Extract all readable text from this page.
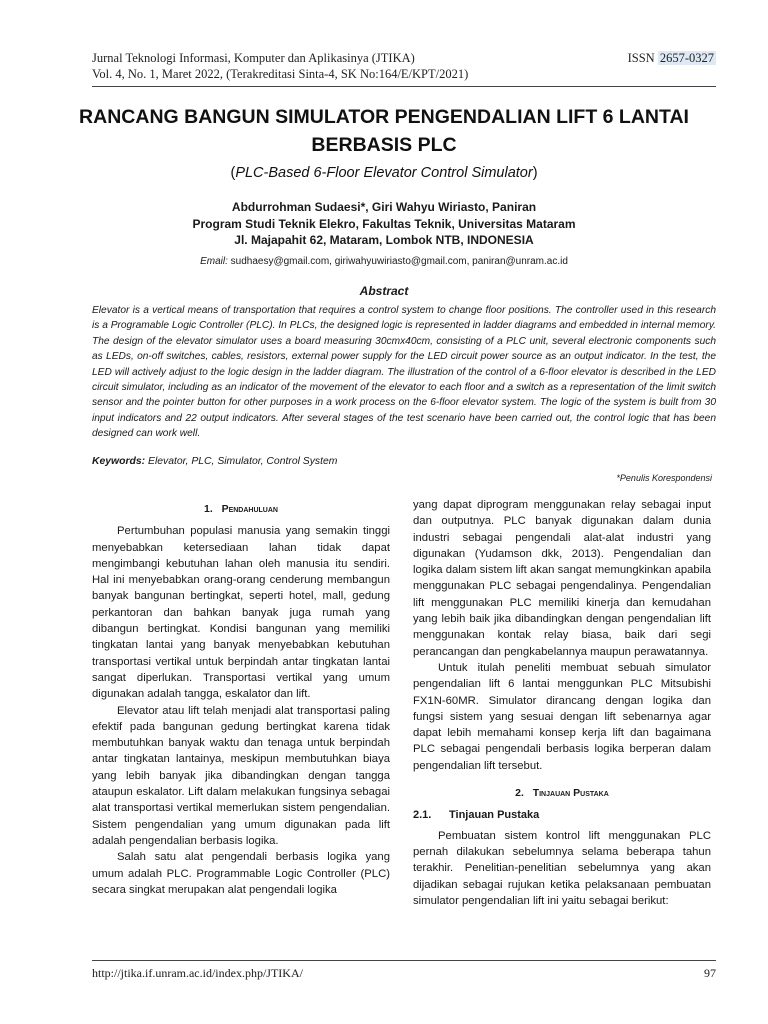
Jurnal Teknologi Informasi, Komputer dan Aplikasinya (JTIKA)	ISSN 2657-0327
Vol. 4, No. 1, Maret 2022, (Terakreditasi Sinta-4, SK No:164/E/KPT/2021)
RANCANG BANGUN SIMULATOR PENGENDALIAN LIFT 6 LANTAI BERBASIS PLC
(PLC-Based 6-Floor Elevator Control Simulator)
Abdurrohman Sudaesi*, Giri Wahyu Wiriasto, Paniran
Program Studi Teknik Elekro, Fakultas Teknik, Universitas Mataram
Jl. Majapahit 62, Mataram, Lombok NTB, INDONESIA
Email: sudhaesy@gmail.com, giriwahyuwiriasto@gmail.com, paniran@unram.ac.id
Abstract
Elevator is a vertical means of transportation that requires a control system to change floor positions. The controller used in this research is a Programable Logic Controller (PLC). In PLCs, the designed logic is represented in ladder diagrams and embedded in internal memory. The design of the elevator simulator uses a board measuring 30cmx40cm, consisting of a PLC unit, several electronic components such as LEDs, on-off switches, cables, resistors, external power supply for the LED circuit power source as an output indicator. In the test, the LED will actively adjust to the logic design in the ladder diagram. The illustration of the control of a 6-floor elevator is described in the LED circuit simulator, including as an indicator of the movement of the elevator to each floor and a switch as a representation of the limit switch sensor and the pointer button for other purposes in a work process on the 6-floor elevator system. The logic of the system is built from 30 input indicators and 22 output indicators. After several stages of the test scenario have been carried out, the control logic that has been designed can work well.
Keywords: Elevator, PLC, Simulator, Control System
*Penulis Korespondensi
1. Pendahuluan

Pertumbuhan populasi manusia yang semakin tinggi menyebabkan ketersediaan lahan tidak dapat mengimbangi kebutuhan lahan oleh manusia itu sendiri. Hal ini menyebabkan orang-orang cenderung membangun banyak bangunan bertingkat, seperti hotel, mall, gedung perkantoran dan bahkan banyak juga rumah yang dibangun bertingkat. Kondisi bangunan yang memiliki tingkatan lantai yang banyak menyebabkan kebutuhan transportasi vertikal untuk berpindah antar tingkatan lantai sangat diperlukan. Transportasi vertikal yang umum digunakan adalah tangga, eskalator dan lift.

Elevator atau lift telah menjadi alat transportasi paling efektif pada bangunan gedung bertingkat karena tidak membutuhkan banyak waktu dan tenaga untuk berpindah antar tingkatan lantainya, meskipun membutuhkan biaya yang lebih banyak jika dibandingkan dengan tangga ataupun eskalator. Lift dalam melakukan fungsinya sebagai alat transportasi vertikal memerlukan sistem pengendalian. Sistem pengendalian yang umum digunakan pada lift adalah pengendalian berbasis logika.

Salah satu alat pengendali berbasis logika yang umum adalah PLC. Programmable Logic Controller (PLC) secara singkat merupakan alat pengendali logika

yang dapat diprogram menggunakan relay sebagai input dan outputnya. PLC banyak digunakan dalam dunia industri sebagai pengendali alat-alat industri yang digunakan (Yudamson dkk, 2013). Pengendalian dan logika dalam sistem lift akan sangat memungkinkan apabila menggunakan PLC sebagai pengendalinya. Pengendalian lift menggunakan PLC memiliki kinerja dan kemudahan yang lebih baik jika dibandingkan dengan pengendalian lift menggunakan kontak relay biasa, baik dari segi perancangan dan pengkabelannya maupun perawatannya.

Untuk itulah peneliti membuat sebuah simulator pengendalian lift 6 lantai menggunkan PLC Mitsubishi FX1N-60MR. Simulator dirancang dengan logika dan fungsi sistem yang sesuai dengan lift sebenarnya agar dapat lebih memahami konsep kerja lift dan bagaimana PLC sebagai pengendali berbasis logika berperan dalam pengendalian lift tersebut.

2. Tinjauan Pustaka
2.1. Tinjauan Pustaka

Pembuatan sistem kontrol lift menggunakan PLC pernah dilakukan sebelumnya selama beberapa tahun terakhir. Penelitian-penelitian sebelumnya yang akan dijadikan sebagai rujukan ketika pelaksanaan pembuatan simulator pengendalian lift ini yaitu sebagai berikut:

http://jtika.if.unram.ac.id/index.php/JTIKA/	97
